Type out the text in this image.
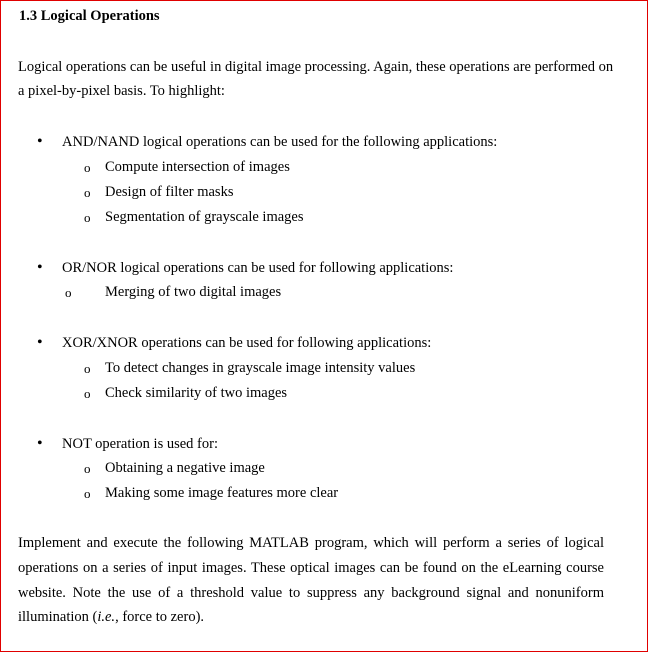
1.3 Logical Operations
Logical operations can be useful in digital image processing. Again, these operations are performed on
a pixel-by-pixel basis. To highlight:
• AND/NAND logical operations can be used for the following applications:
o Compute intersection of images
o Design of filter masks
o Segmentation of grayscale images
• OR/NOR logical operations can be used for following applications:
o Merging of two digital images
• XOR/XNOR operations can be used for following applications:
o To detect changes in grayscale image intensity values
o Check similarity of two images
• NOT operation is used for:
o Obtaining a negative image
o Making some image features more clear
Implement and execute the following MATLAB program, which will perform a series of logical
operations on a series of input images. These optical images can be found on the eLearning course
website. Note the use of a threshold value to suppress any background signal and nonuniform
illumination (i.e., force to zero).
